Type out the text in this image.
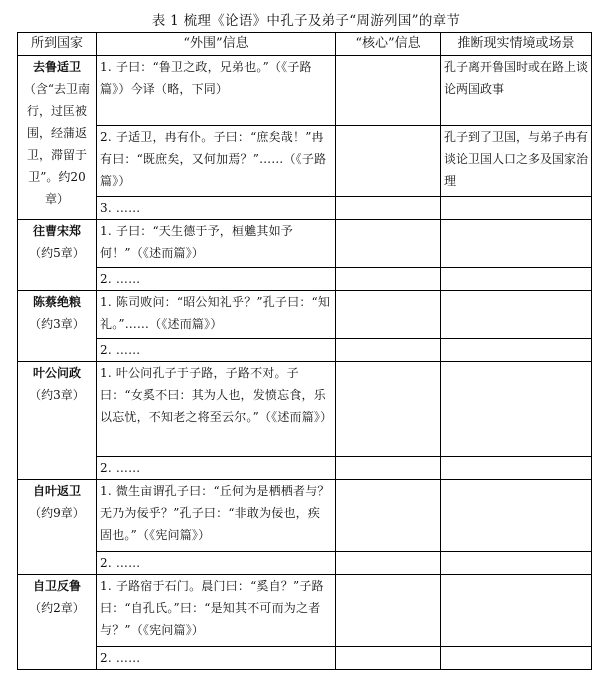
表 1 梳理《论语》中孔子及弟子“周游列国”的章节
所到国家	“外围”信息	“核心”信息	推断现实情境或场景

去鲁适卫
（含“去卫南行，过匡被围，经蒲返卫，滞留于卫”。约20章）	1. 子曰：“鲁卫之政，兄弟也。”（《子路篇》）今译（略，下同）		孔子离开鲁国时或在路上谈论两国政事
	2. 子适卫，冉有仆。子曰：“庶矣哉！”冉有曰：“既庶矣，又何加焉？”……（《子路篇》）		孔子到了卫国，与弟子冉有谈论卫国人口之多及国家治理
	3. ……		

往曹宋郑
（约5章）	1. 子曰：“天生德于予，桓魋其如予何！”（《述而篇》）		
	2. ……		

陈蔡绝粮
（约3章）	1. 陈司败问：“昭公知礼乎？”孔子曰：“知礼。”……（《述而篇》）		
	2. ……		

叶公问政
（约3章）	1. 叶公问孔子于子路，子路不对。子曰：“女奚不曰：其为人也，发愤忘食，乐以忘忧，不知老之将至云尔。”（《述而篇》）		
	2. ……		

自叶返卫
（约9章）	1. 微生亩谓孔子曰：“丘何为是栖栖者与？无乃为佞乎？”孔子曰：“非敢为佞也，疾固也。”（《宪问篇》）		
	2. ……		

自卫反鲁
（约2章）	1. 子路宿于石门。晨门曰：“奚自？”子路曰：“自孔氏。”曰：“是知其不可而为之者与？”（《宪问篇》）		
	2. ……		
